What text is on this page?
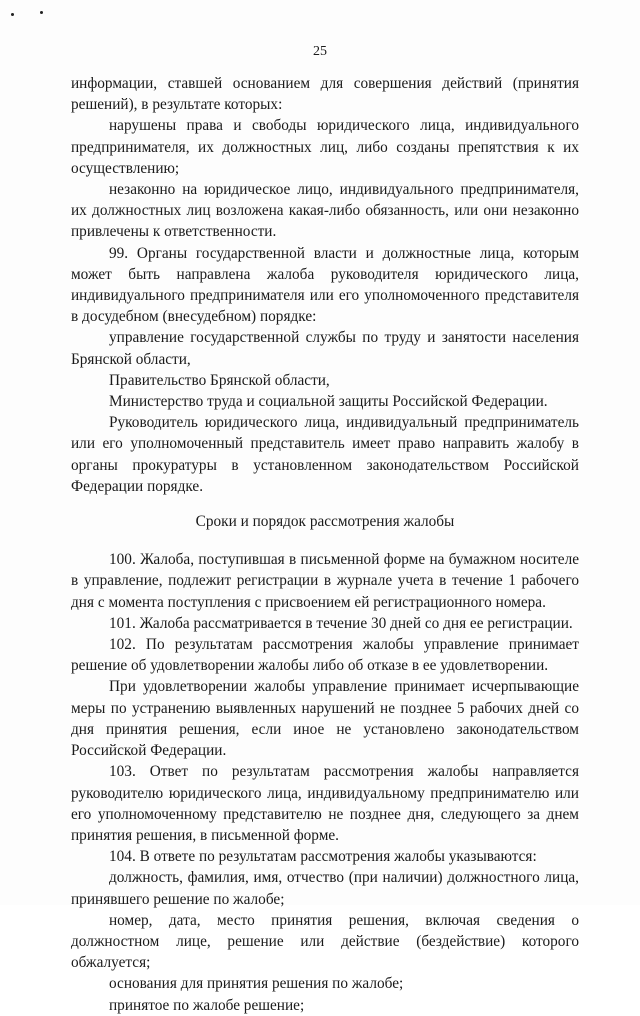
25

информации, ставшей основанием для совершения действий (принятия решений), в результате которых:

нарушены права и свободы юридического лица, индивидуального предпринимателя, их должностных лиц, либо созданы препятствия к их осуществлению;

незаконно на юридическое лицо, индивидуального предпринимателя, их должностных лиц возложена какая-либо обязанность, или они незаконно привлечены к ответственности.

99. Органы государственной власти и должностные лица, которым может быть направлена жалоба руководителя юридического лица, индивидуального предпринимателя или его уполномоченного представителя в досудебном (внесудебном) порядке:

управление государственной службы по труду и занятости населения Брянской области,

Правительство Брянской области,

Министерство труда и социальной защиты Российской Федерации.

Руководитель юридического лица, индивидуальный предприниматель или его уполномоченный представитель имеет право направить жалобу в органы прокуратуры в установленном законодательством Российской Федерации порядке.

Сроки и порядок рассмотрения жалобы

100. Жалоба, поступившая в письменной форме на бумажном носителе в управление, подлежит регистрации в журнале учета в течение 1 рабочего дня с момента поступления с присвоением ей регистрационного номера.

101. Жалоба рассматривается в течение 30 дней со дня ее регистрации.

102. По результатам рассмотрения жалобы управление принимает решение об удовлетворении жалобы либо об отказе в ее удовлетворении.

При удовлетворении жалобы управление принимает исчерпывающие меры по устранению выявленных нарушений не позднее 5 рабочих дней со дня принятия решения, если иное не установлено законодательством Российской Федерации.

103. Ответ по результатам рассмотрения жалобы направляется руководителю юридического лица, индивидуальному предпринимателю или его уполномоченному представителю не позднее дня, следующего за днем принятия решения, в письменной форме.

104. В ответе по результатам рассмотрения жалобы указываются:

должность, фамилия, имя, отчество (при наличии) должностного лица, принявшего решение по жалобе;

номер, дата, место принятия решения, включая сведения о должностном лице, решение или действие (бездействие) которого обжалуется;

основания для принятия решения по жалобе;

принятое по жалобе решение;
